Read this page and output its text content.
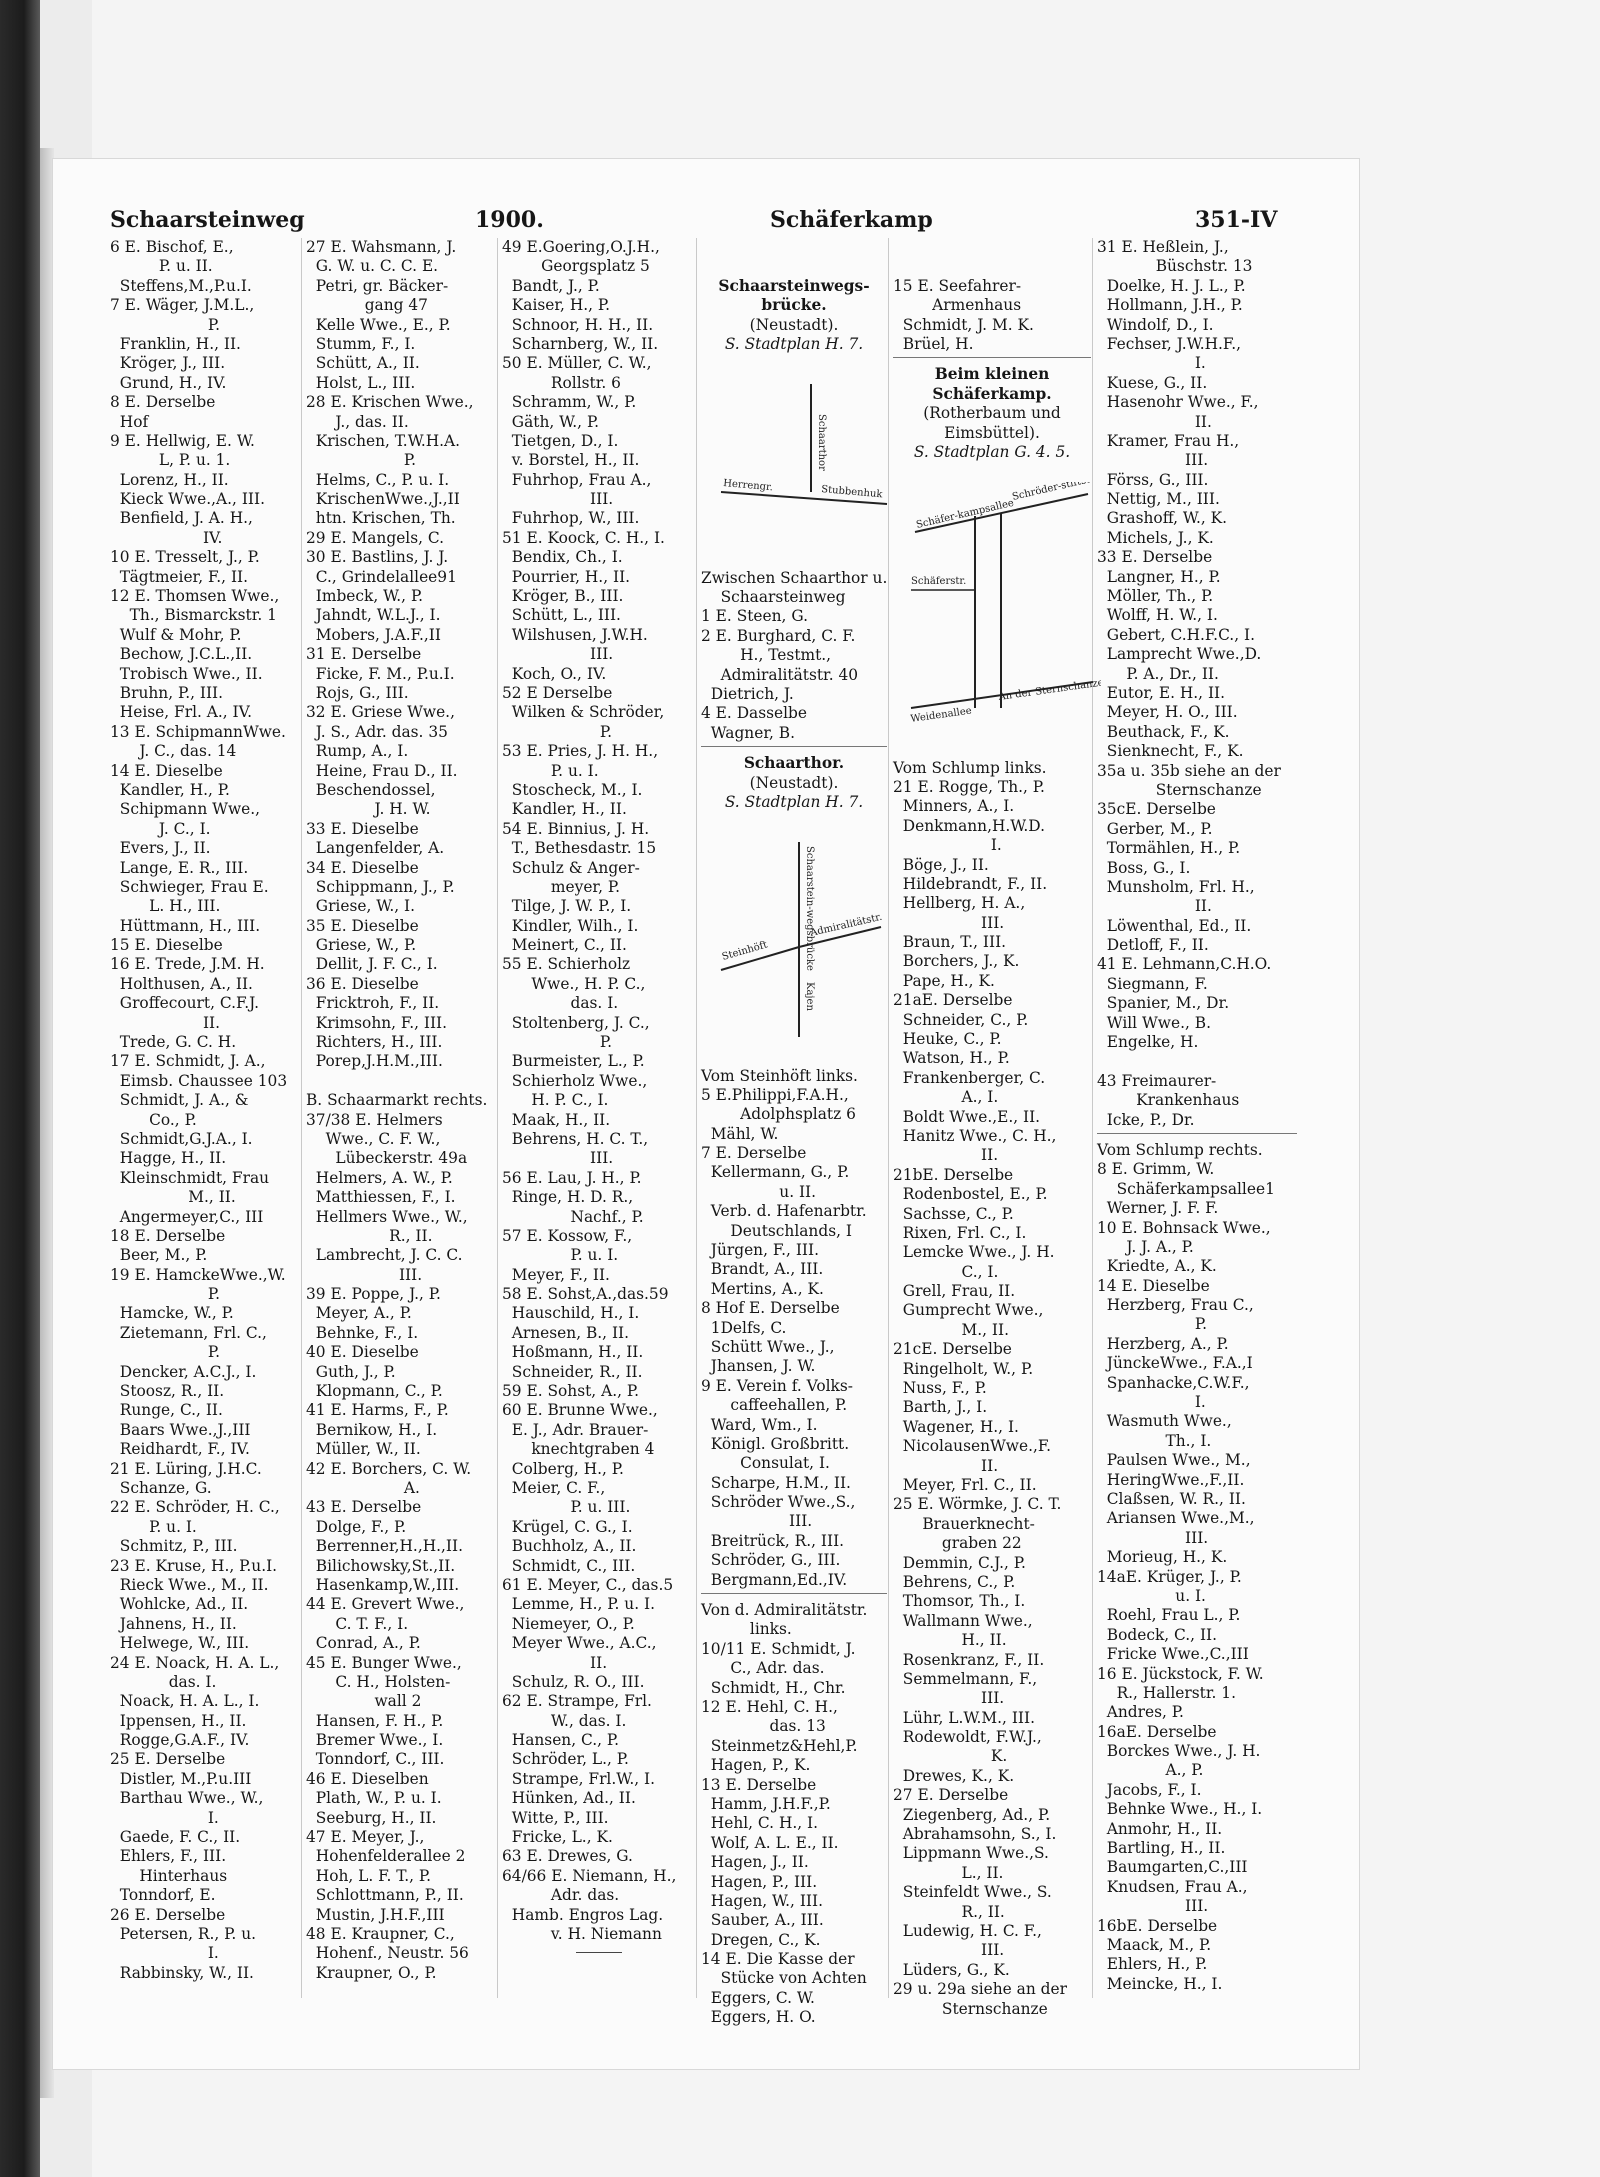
Schaarsteinweg	1900.	Schäferkamp	351-IV
6 E. Bischof, E.,
P. u. II.
Steffens,M.,P.u.I.
7 E. Wäger, J.M.L.,
P.
Franklin, H., II.
Kröger, J., III.
Grund, H., IV.
8 E. Derselbe
Hof
9 E. Hellwig, E. W.
L, P. u. 1.
Lorenz, H., II.
Kieck Wwe.,A., III.
Benfield, J. A. H.,
IV.
10 E. Tresselt, J., P.
Tägtmeier, F., II.
12 E. Thomsen Wwe.,
Th., Bismarckstr. 1
Wulf & Mohr, P.
Bechow, J.C.L.,II.
Trobisch Wwe., II.
Bruhn, P., III.
Heise, Frl. A., IV.
13 E. SchipmannWwe.
J. C., das. 14
14 E. Dieselbe
Kandler, H., P.
Schipmann Wwe.,
J. C., I.
Evers, J., II.
Lange, E. R., III.
Schwieger, Frau E.
L. H., III.
Hüttmann, H., III.
15 E. Dieselbe
16 E. Trede, J.M. H.
Holthusen, A., II.
Groffecourt, C.F.J.
II.
Trede, G. C. H.
17 E. Schmidt, J. A.,
Eimsb. Chaussee 103
Schmidt, J. A., &
Co., P.
Schmidt,G.J.A., I.
Hagge, H., II.
Kleinschmidt, Frau
M., II.
Angermeyer,C., III
18 E. Derselbe
Beer, M., P.
19 E. HamckeWwe.,W.
P.
Hamcke, W., P.
Zietemann, Frl. C.,
P.
Dencker, A.C.J., I.
Stoosz, R., II.
Runge, C., II.
Baars Wwe.,J.,III
Reidhardt, F., IV.
21 E. Lüring, J.H.C.
Schanze, G.
22 E. Schröder, H. C.,
P. u. I.
Schmitz, P., III.
23 E. Kruse, H., P.u.I.
Rieck Wwe., M., II.
Wohlcke, Ad., II.
Jahnens, H., II.
Helwege, W., III.
24 E. Noack, H. A. L.,
das. I.
Noack, H. A. L., I.
Ippensen, H., II.
Rogge,G.A.F., IV.
25 E. Derselbe
Distler, M.,P.u.III
Barthau Wwe., W.,
I.
Gaede, F. C., II.
Ehlers, F., III.
Hinterhaus
Tonndorf, E.
26 E. Derselbe
Petersen, R., P. u.
I.
Rabbinsky, W., II.
27 E. Wahsmann, J.
G. W. u. C. C. E.
Petri, gr. Bäcker-
gang 47
Kelle Wwe., E., P.
Stumm, F., I.
Schütt, A., II.
Holst, L., III.
28 E. Krischen Wwe.,
J., das. II.
Krischen, T.W.H.A.
P.
Helms, C., P. u. I.
KrischenWwe.,J.,II
htn. Krischen, Th.
29 E. Mangels, C.
30 E. Bastlins, J. J.
C., Grindelallee91
Imbeck, W., P.
Jahndt, W.L.J., I.
Mobers, J.A.F.,II
31 E. Derselbe
Ficke, F. M., P.u.I.
Rojs, G., III.
32 E. Griese Wwe.,
J. S., Adr. das. 35
Rump, A., I.
Heine, Frau D., II.
Beschendossel,
J. H. W.
33 E. Dieselbe
Langenfelder, A.
34 E. Dieselbe
Schippmann, J., P.
Griese, W., I.
35 E. Dieselbe
Griese, W., P.
Dellit, J. F. C., I.
36 E. Dieselbe
Fricktroh, F., II.
Krimsohn, F., III.
Richters, H., III.
Porep,J.H.M.,III.
B. Schaarmarkt rechts.
37/38 E. Helmers
Wwe., C. F. W.,
Lübeckerstr. 49a
Helmers, A. W., P.
Matthiessen, F., I.
Hellmers Wwe., W.,
R., II.
Lambrecht, J. C. C.
III.
39 E. Poppe, J., P.
Meyer, A., P.
Behnke, F., I.
40 E. Dieselbe
Guth, J., P.
Klopmann, C., P.
41 E. Harms, F., P.
Bernikow, H., I.
Müller, W., II.
42 E. Borchers, C. W.
A.
43 E. Derselbe
Dolge, F., P.
Berrenner,H.,H.,II.
Bilichowsky,St.,II.
Hasenkamp,W.,III.
44 E. Grevert Wwe.,
C. T. F., I.
Conrad, A., P.
45 E. Bunger Wwe.,
C. H., Holsten-
wall 2
Hansen, F. H., P.
Bremer Wwe., I.
Tonndorf, C., III.
46 E. Dieselben
Plath, W., P. u. I.
Seeburg, H., II.
47 E. Meyer, J.,
Hohenfelderallee 2
Hoh, L. F. T., P.
Schlottmann, P., II.
Mustin, J.H.F.,III
48 E. Kraupner, C.,
Hohenf., Neustr. 56
Kraupner, O., P.
49 E.Goering,O.J.H.,
Georgsplatz 5
Bandt, J., P.
Kaiser, H., P.
Schnoor, H. H., II.
Scharnberg, W., II.
50 E. Müller, C. W.,
Rollstr. 6
Schramm, W., P.
Gäth, W., P.
Tietgen, D., I.
v. Borstel, H., II.
Fuhrhop, Frau A.,
III.
Fuhrhop, W., III.
51 E. Koock, C. H., I.
Bendix, Ch., I.
Pourrier, H., II.
Kröger, B., III.
Schütt, L., III.
Wilshusen, J.W.H.
III.
Koch, O., IV.
52 E Derselbe
Wilken & Schröder,
P.
53 E. Pries, J. H. H.,
P. u. I.
Stoscheck, M., I.
Kandler, H., II.
54 E. Binnius, J. H.
T., Bethesdastr. 15
Schulz & Anger-
meyer, P.
Tilge, J. W. P., I.
Kindler, Wilh., I.
Meinert, C., II.
55 E. Schierholz
Wwe., H. P. C.,
das. I.
Stoltenberg, J. C.,
P.
Burmeister, L., P.
Schierholz Wwe.,
H. P. C., I.
Maak, H., II.
Behrens, H. C. T.,
III.
56 E. Lau, J. H., P.
Ringe, H. D. R.,
Nachf., P.
57 E. Kossow, F.,
P. u. I.
Meyer, F., II.
58 E. Sohst,A.,das.59
Hauschild, H., I.
Arnesen, B., II.
Hoßmann, H., II.
Schneider, R., II.
59 E. Sohst, A., P.
60 E. Brunne Wwe.,
E. J., Adr. Brauer-
knechtgraben 4
Colberg, H., P.
Meier, C. F.,
P. u. III.
Krügel, C. G., I.
Buchholz, A., II.
Schmidt, C., III.
61 E. Meyer, C., das.5
Lemme, H., P. u. I.
Niemeyer, O., P.
Meyer Wwe., A.C.,
II.
Schulz, R. O., III.
62 E. Strampe, Frl.
W., das. I.
Hansen, C., P.
Schröder, L., P.
Strampe, Frl.W., I.
Hünken, Ad., II.
Witte, P., III.
Fricke, L., K.
63 E. Drewes, G.
64/66 E. Niemann, H.,
Adr. das.
Hamb. Engros Lag.
v. H. Niemann

Schaarsteinwegs-
brücke.
(Neustadt).
S. Stadtplan H. 7.

Schaarthor
Herrengr.	Stubbenhuk

Zwischen Schaarthor u.
Schaarsteinweg
1 E. Steen, G.
2 E. Burghard, C. F.
H., Testmt.,
Admiralitätstr. 40
Dietrich, J.
4 E. Dasselbe
Wagner, B.
Schaarthor.
(Neustadt).
S. Stadtplan H. 7.

Schaarstein-wegsbrücke
Steinhöft
Admiralitätstr.
Kajen

Vom Steinhöft links.
5 E.Philippi,F.A.H.,
Adolphsplatz 6
Mähl, W.
7 E. Derselbe
Kellermann, G., P.
u. II.
Verb. d. Hafenarbtr.
Deutschlands, I
Jürgen, F., III.
Brandt, A., III.
Mertins, A., K.
8 Hof E. Derselbe
1Delfs, C.
Schütt Wwe., J.,
Jhansen, J. W.
9 E. Verein f. Volks-
caffeehallen, P.
Ward, Wm., I.
Königl. Großbritt.
Consulat, I.
Scharpe, H.M., II.
Schröder Wwe.,S.,
III.
Breitrück, R., III.
Schröder, G., III.
Bergmann,Ed.,IV.
Von d. Admiralitätstr.
links.
10/11 E. Schmidt, J.
C., Adr. das.
Schmidt, H., Chr.
12 E. Hehl, C. H.,
das. 13
Steinmetz&Hehl,P.
Hagen, P., K.
13 E. Derselbe
Hamm, J.H.F.,P.
Hehl, C. H., I.
Wolf, A. L. E., II.
Hagen, J., II.
Hagen, P., III.
Hagen, W., III.
Sauber, A., III.
Dregen, C., K.
14 E. Die Kasse der
Stücke von Achten
Eggers, C. W.
Eggers, H. O.

15 E. Seefahrer-
Armenhaus
Schmidt, J. M. K.
Brüel, H.
Beim kleinen
Schäferkamp.
(Rotherbaum und
Eimsbüttel).
S. Stadtplan G. 4. 5.

Schröder-stiftstr.
Schäfer-kampsallee
Schäferstr.
Weidenallee
An der Sternschanze

Vom Schlump links.
21 E. Rogge, Th., P.
Minners, A., I.
Denkmann,H.W.D.
I.
Böge, J., II.
Hildebrandt, F., II.
Hellberg, H. A.,
III.
Braun, T., III.
Borchers, J., K.
Pape, H., K.
21aE. Derselbe
Schneider, C., P.
Heuke, C., P.
Watson, H., P.
Frankenberger, C.
A., I.
Boldt Wwe.,E., II.
Hanitz Wwe., C. H.,
II.
21bE. Derselbe
Rodenbostel, E., P.
Sachsse, C., P.
Rixen, Frl. C., I.
Lemcke Wwe., J. H.
C., I.
Grell, Frau, II.
Gumprecht Wwe.,
M., II.
21cE. Derselbe
Ringelholt, W., P.
Nuss, F., P.
Barth, J., I.
Wagener, H., I.
NicolausenWwe.,F.
II.
Meyer, Frl. C., II.
25 E. Wörmke, J. C. T.
Brauerknecht-
graben 22
Demmin, C.J., P.
Behrens, C., P.
Thomsor, Th., I.
Wallmann Wwe.,
H., II.
Rosenkranz, F., II.
Semmelmann, F.,
III.
Lühr, L.W.M., III.
Rodewoldt, F.W.J.,
K.
Drewes, K., K.
27 E. Derselbe
Ziegenberg, Ad., P.
Abrahamsohn, S., I.
Lippmann Wwe.,S.
L., II.
Steinfeldt Wwe., S.
R., II.
Ludewig, H. C. F.,
III.
Lüders, G., K.
29 u. 29a siehe an der
Sternschanze

31 E. Heßlein, J.,
Büschstr. 13
Doelke, H. J. L., P.
Hollmann, J.H., P.
Windolf, D., I.
Fechser, J.W.H.F.,
I.
Kuese, G., II.
Hasenohr Wwe., F.,
II.
Kramer, Frau H.,
III.
Förss, G., III.
Nettig, M., III.
Grashoff, W., K.
Michels, J., K.
33 E. Derselbe
Langner, H., P.
Möller, Th., P.
Wolff, H. W., I.
Gebert, C.H.F.C., I.
Lamprecht Wwe.,D.
P. A., Dr., II.
Eutor, E. H., II.
Meyer, H. O., III.
Beuthack, F., K.
Sienknecht, F., K.
35a u. 35b siehe an der
Sternschanze
35cE. Derselbe
Gerber, M., P.
Tormählen, H., P.
Boss, G., I.
Munsholm, Frl. H.,
II.
Löwenthal, Ed., II.
Detloff, F., II.
41 E. Lehmann,C.H.O.
Siegmann, F.
Spanier, M., Dr.
Will Wwe., B.
Engelke, H.
43 Freimaurer-
Krankenhaus
Icke, P., Dr.
Vom Schlump rechts.
8 E. Grimm, W.
Schäferkampsallee1
Werner, J. F. F.
10 E. Bohnsack Wwe.,
J. J. A., P.
Kriedte, A., K.
14 E. Dieselbe
Herzberg, Frau C.,
P.
Herzberg, A., P.
JünckeWwe., F.A.,I
Spanhacke,C.W.F.,
I.
Wasmuth Wwe.,
Th., I.
Paulsen Wwe., M.,
HeringWwe.,F.,II.
Claßsen, W. R., II.
Ariansen Wwe.,M.,
III.
Morieug, H., K.
14aE. Krüger, J., P.
u. I.
Roehl, Frau L., P.
Bodeck, C., II.
Fricke Wwe.,C.,III
16 E. Jückstock, F. W.
R., Hallerstr. 1.
Andres, P.
16aE. Derselbe
Borckes Wwe., J. H.
A., P.
Jacobs, F., I.
Behnke Wwe., H., I.
Anmohr, H., II.
Bartling, H., II.
Baumgarten,C.,III
Knudsen, Frau A.,
III.
16bE. Derselbe
Maack, M., P.
Ehlers, H., P.
Meincke, H., I.
